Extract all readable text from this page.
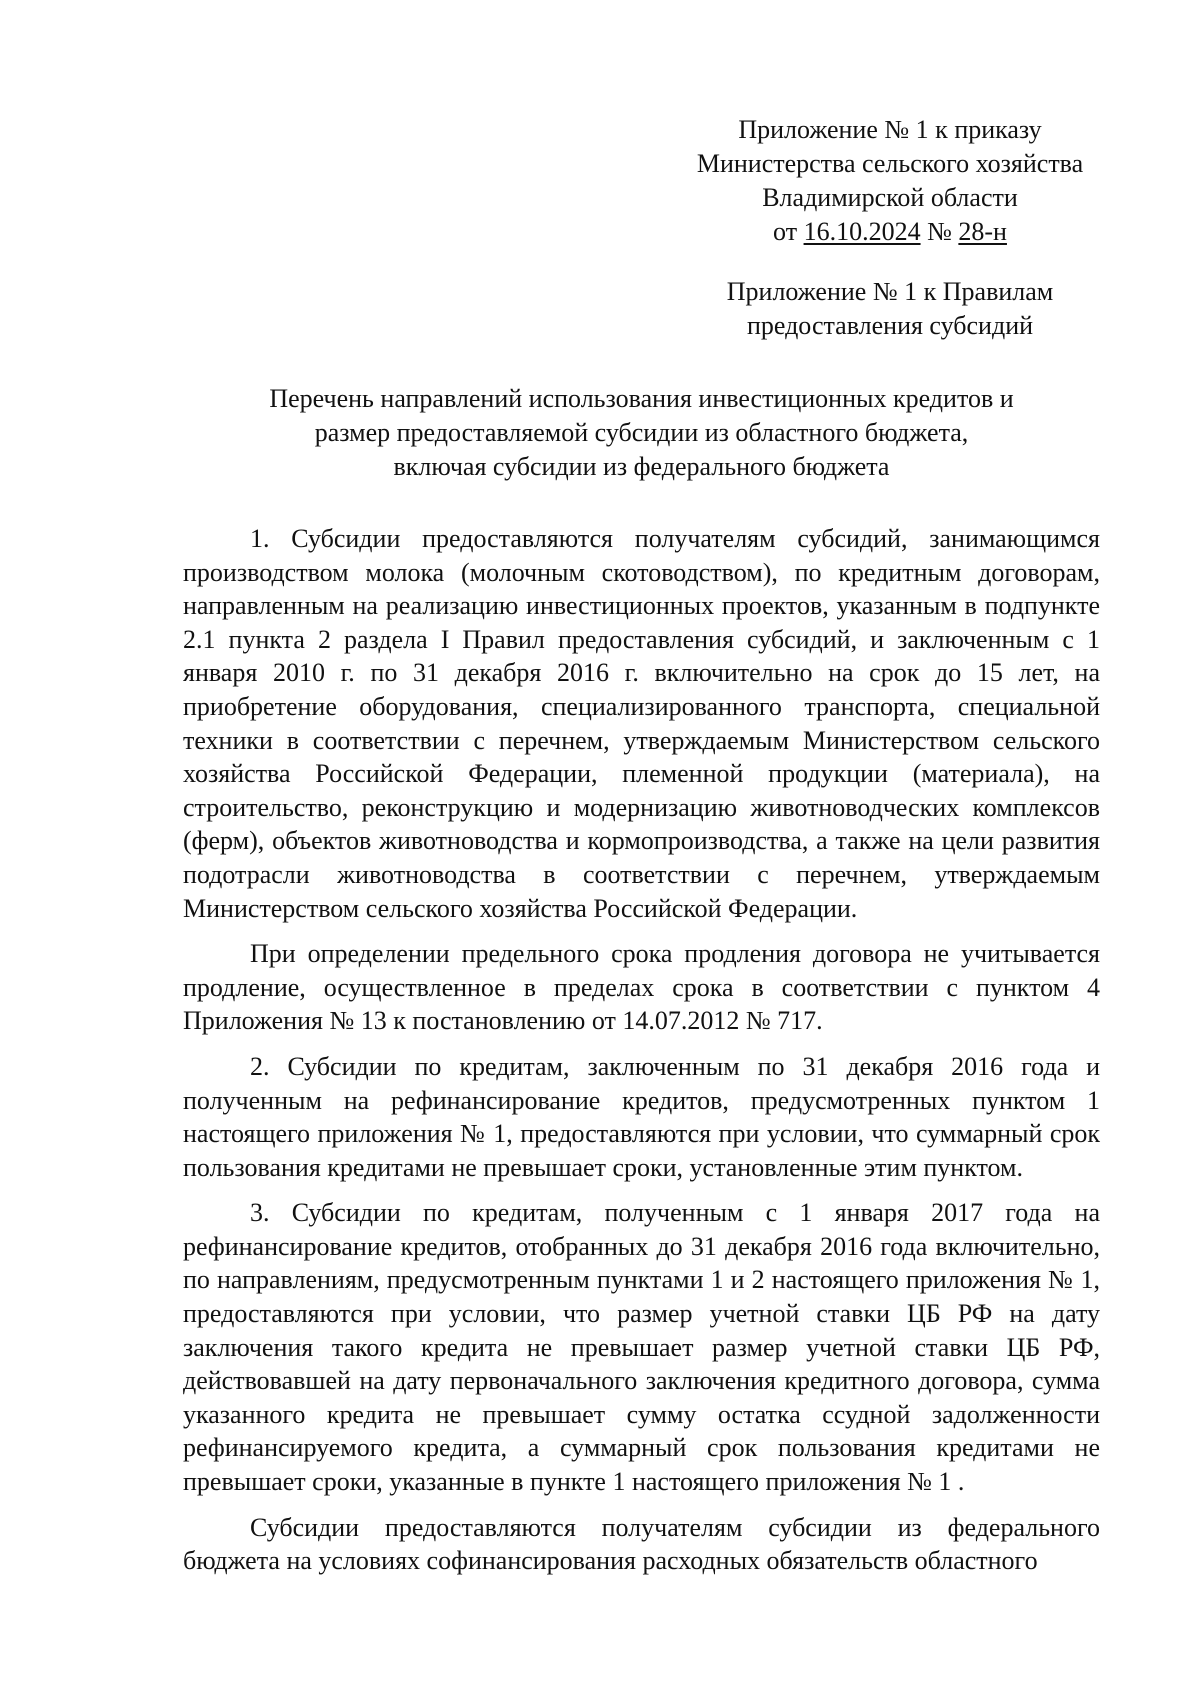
Приложение № 1 к приказу
Министерства сельского хозяйства
Владимирской области
от 16.10.2024 № 28-н
Приложение № 1 к Правилам
предоставления субсидий
Перечень направлений использования инвестиционных кредитов и
размер предоставляемой субсидии из областного бюджета,
включая субсидии из федерального бюджета

1. Субсидии предоставляются получателям субсидий, занимающимся производством молока (молочным скотоводством), по кредитным договорам, направленным на реализацию инвестиционных проектов, указанным в подпункте 2.1 пункта 2 раздела I Правил предоставления субсидий, и заключенным с 1 января 2010 г. по 31 декабря 2016 г. включительно на срок до 15 лет, на приобретение оборудования, специализированного транспорта, специальной техники в соответствии с перечнем, утверждаемым Министерством сельского хозяйства Российской Федерации, племенной продукции (материала), на строительство, реконструкцию и модернизацию животноводческих комплексов (ферм), объектов животноводства и кормопроизводства, а также на цели развития подотрасли животноводства в соответствии с перечнем, утверждаемым Министерством сельского хозяйства Российской Федерации.

При определении предельного срока продления договора не учитывается продление, осуществленное в пределах срока в соответствии с пунктом 4 Приложения № 13 к постановлению от 14.07.2012 № 717.

2. Субсидии по кредитам, заключенным по 31 декабря 2016 года и полученным на рефинансирование кредитов, предусмотренных пунктом 1 настоящего приложения № 1, предоставляются при условии, что суммарный срок пользования кредитами не превышает сроки, установленные этим пунктом.

3. Субсидии по кредитам, полученным с 1 января 2017 года на рефинансирование кредитов, отобранных до 31 декабря 2016 года включительно, по направлениям, предусмотренным пунктами 1 и 2 настоящего приложения № 1, предоставляются при условии, что размер учетной ставки ЦБ РФ на дату заключения такого кредита не превышает размер учетной ставки ЦБ РФ, действовавшей на дату первоначального заключения кредитного договора, сумма указанного кредита не превышает сумму остатка ссудной задолженности рефинансируемого кредита, а суммарный срок пользования кредитами не превышает сроки, указанные в пункте 1 настоящего приложения № 1 .

Субсидии предоставляются получателям субсидии из федерального бюджета на условиях софинансирования расходных обязательств областного
